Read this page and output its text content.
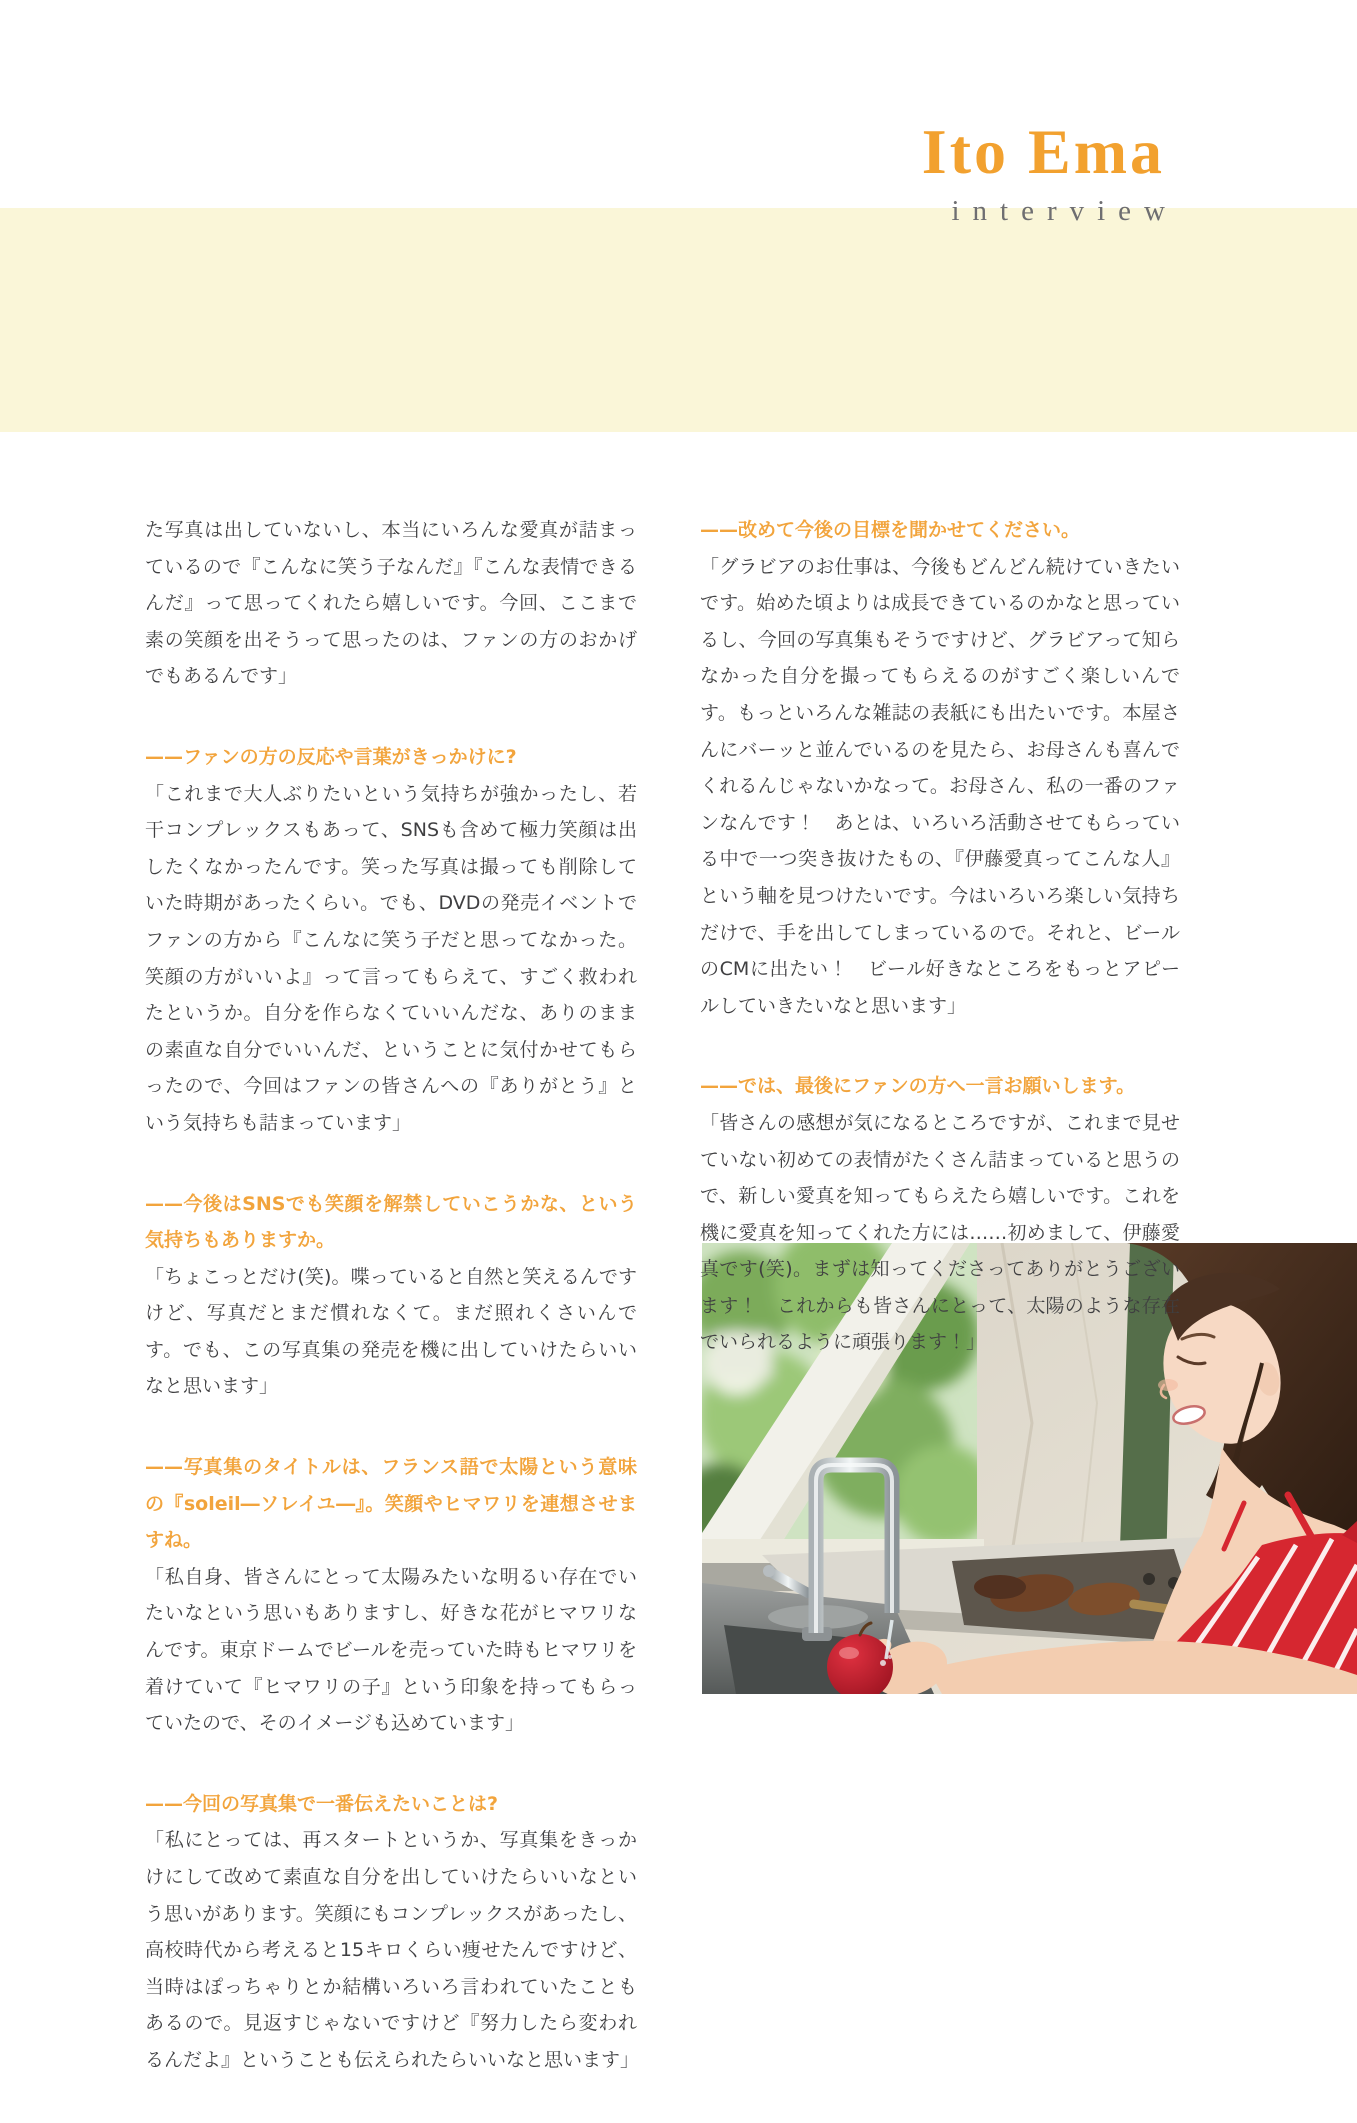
Ito Ema
interview

た写真は出していないし、本当にいろんな愛真が詰まっているので『こんなに笑う子なんだ』『こんな表情できるんだ』って思ってくれたら嬉しいです。今回、ここまで素の笑顔を出そうって思ったのは、ファンの方のおかげでもあるんです」

——ファンの方の反応や言葉がきっかけに?

「これまで大人ぶりたいという気持ちが強かったし、若干コンプレックスもあって、SNSも含めて極力笑顔は出したくなかったんです。笑った写真は撮っても削除していた時期があったくらい。でも、DVDの発売イベントでファンの方から『こんなに笑う子だと思ってなかった。笑顔の方がいいよ』って言ってもらえて、すごく救われたというか。自分を作らなくていいんだな、ありのままの素直な自分でいいんだ、ということに気付かせてもらったので、今回はファンの皆さんへの『ありがとう』という気持ちも詰まっています」

——今後はSNSでも笑顔を解禁していこうかな、という気持ちもありますか。

「ちょこっとだけ(笑)。喋っていると自然と笑えるんですけど、写真だとまだ慣れなくて。まだ照れくさいんです。でも、この写真集の発売を機に出していけたらいいなと思います」

——写真集のタイトルは、フランス語で太陽という意味の『soleil―ソレイユ―』。笑顔やヒマワリを連想させますね。

「私自身、皆さんにとって太陽みたいな明るい存在でいたいなという思いもありますし、好きな花がヒマワリなんです。東京ドームでビールを売っていた時もヒマワリを着けていて『ヒマワリの子』という印象を持ってもらっていたので、そのイメージも込めています」

——今回の写真集で一番伝えたいことは?

「私にとっては、再スタートというか、写真集をきっかけにして改めて素直な自分を出していけたらいいなという思いがあります。笑顔にもコンプレックスがあったし、高校時代から考えると15キロくらい痩せたんですけど、当時はぽっちゃりとか結構いろいろ言われていたこともあるので。見返すじゃないですけど『努力したら変われるんだよ』ということも伝えられたらいいなと思います」

——改めて今後の目標を聞かせてください。

「グラビアのお仕事は、今後もどんどん続けていきたいです。始めた頃よりは成長できているのかなと思っているし、今回の写真集もそうですけど、グラビアって知らなかった自分を撮ってもらえるのがすごく楽しいんです。もっといろんな雑誌の表紙にも出たいです。本屋さんにバーッと並んでいるのを見たら、お母さんも喜んでくれるんじゃないかなって。お母さん、私の一番のファンなんです！　あとは、いろいろ活動させてもらっている中で一つ突き抜けたもの、『伊藤愛真ってこんな人』という軸を見つけたいです。今はいろいろ楽しい気持ちだけで、手を出してしまっているので。それと、ビールのCMに出たい！　ビール好きなところをもっとアピールしていきたいなと思います」

——では、最後にファンの方へ一言お願いします。

「皆さんの感想が気になるところですが、これまで見せていない初めての表情がたくさん詰まっていると思うので、新しい愛真を知ってもらえたら嬉しいです。これを機に愛真を知ってくれた方には……初めまして、伊藤愛真です(笑)。まずは知ってくださってありがとうございます！　これからも皆さんにとって、太陽のような存在でいられるように頑張ります！」
